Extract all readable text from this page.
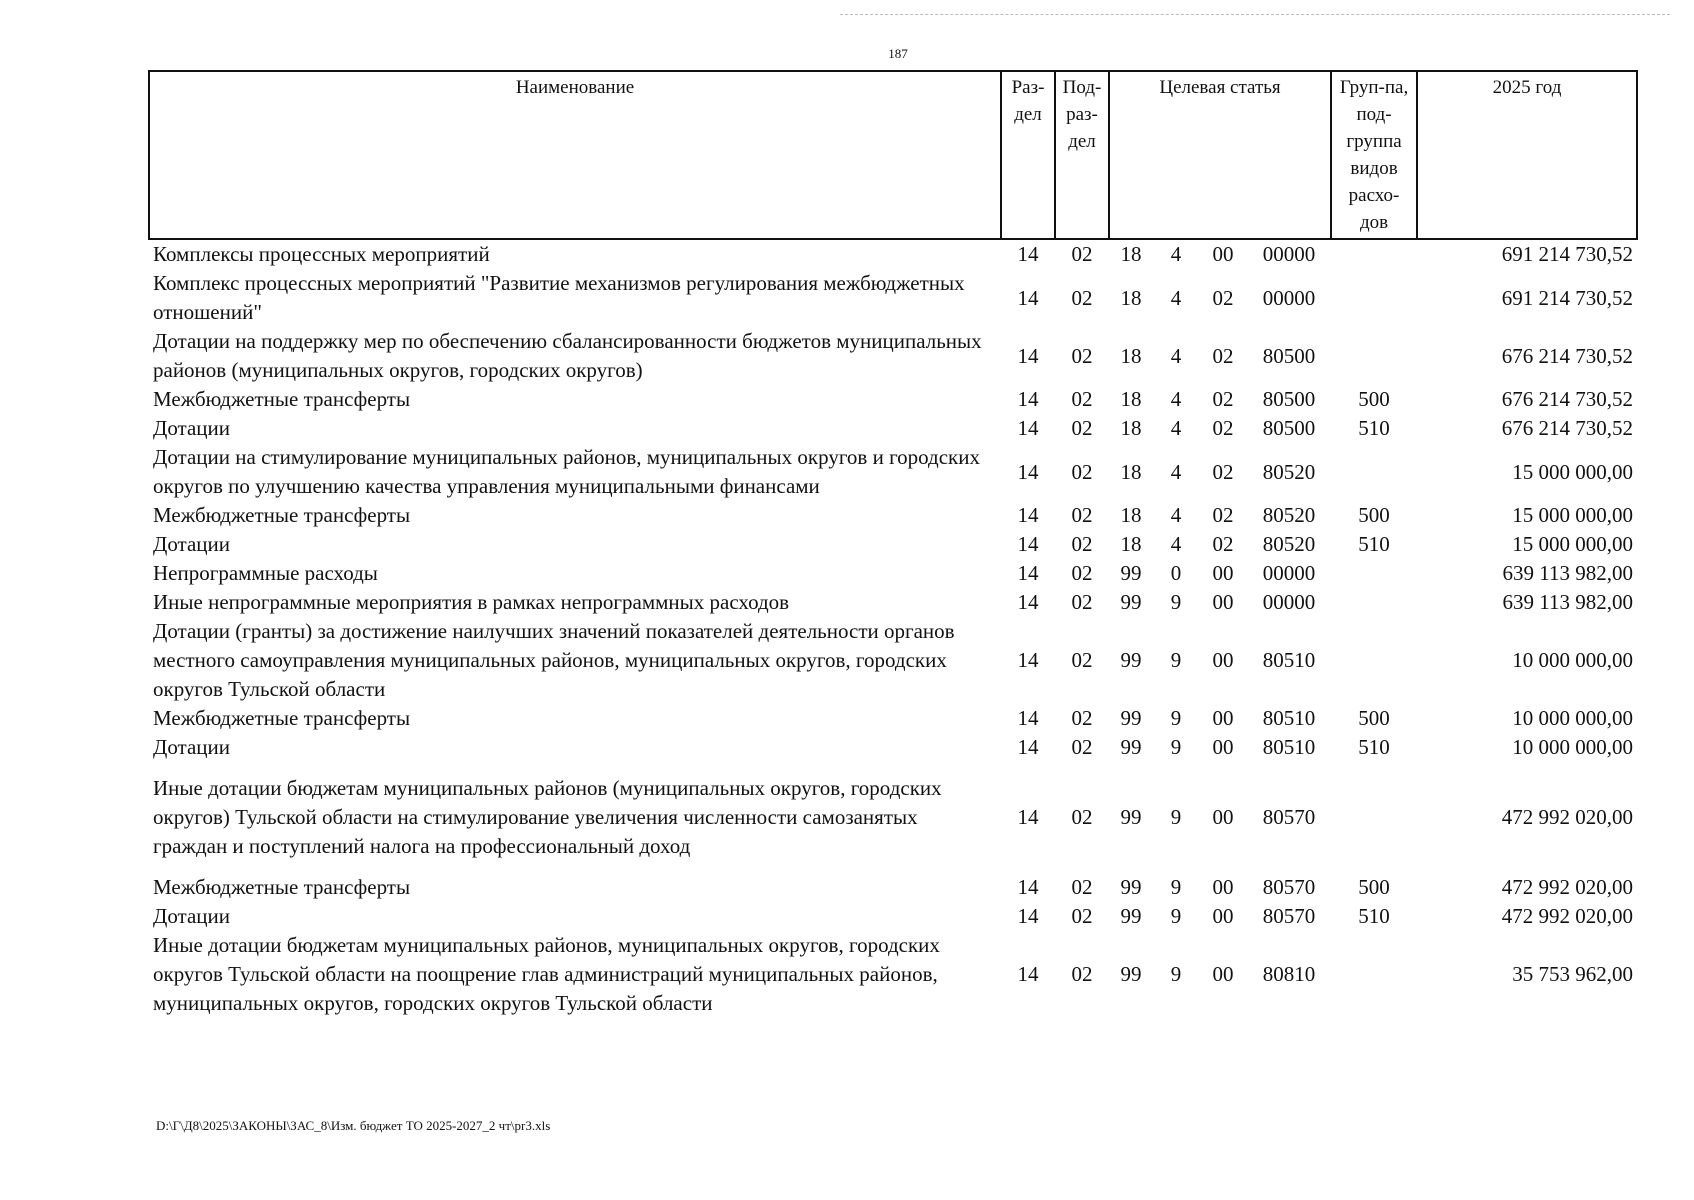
187
Наименование	Раз-дел	Под-раз-дел	Целевая статья				Груп-па, под-группа видов расхо-дов	2025 год
Комплексы процессных мероприятий	14	02	18	4	00	00000		691 214 730,52
Комплекс процессных мероприятий "Развитие механизмов регулирования межбюджетных отношений"	14	02	18	4	02	00000		691 214 730,52
Дотации на поддержку мер по обеспечению сбалансированности бюджетов муниципальных районов (муниципальных округов, городских округов)	14	02	18	4	02	80500		676 214 730,52
Межбюджетные трансферты	14	02	18	4	02	80500	500	676 214 730,52
Дотации	14	02	18	4	02	80500	510	676 214 730,52
Дотации на стимулирование муниципальных районов, муниципальных округов и городских округов по улучшению качества управления муниципальными финансами	14	02	18	4	02	80520		15 000 000,00
Межбюджетные трансферты	14	02	18	4	02	80520	500	15 000 000,00
Дотации	14	02	18	4	02	80520	510	15 000 000,00
Непрограммные расходы	14	02	99	0	00	00000		639 113 982,00
Иные непрограммные мероприятия в рамках непрограммных расходов	14	02	99	9	00	00000		639 113 982,00
Дотации (гранты) за достижение наилучших значений показателей деятельности органов местного самоуправления муниципальных районов, муниципальных округов, городских округов Тульской области	14	02	99	9	00	80510		10 000 000,00
Межбюджетные трансферты	14	02	99	9	00	80510	500	10 000 000,00
Дотации	14	02	99	9	00	80510	510	10 000 000,00
Иные дотации бюджетам муниципальных районов (муниципальных округов, городских округов) Тульской области на стимулирование увеличения численности самозанятых граждан и поступлений налога на профессиональный доход	14	02	99	9	00	80570		472 992 020,00
Межбюджетные трансферты	14	02	99	9	00	80570	500	472 992 020,00
Дотации	14	02	99	9	00	80570	510	472 992 020,00
Иные дотации бюджетам муниципальных районов, муниципальных округов, городских округов Тульской области на поощрение глав администраций муниципальных районов, муниципальных округов, городских округов Тульской области	14	02	99	9	00	80810		35 753 962,00
D:\Г\Д8\2025\ЗАКОНЫ\ЗАС_8\Изм. бюджет ТО 2025-2027_2 чт\pr3.xls
